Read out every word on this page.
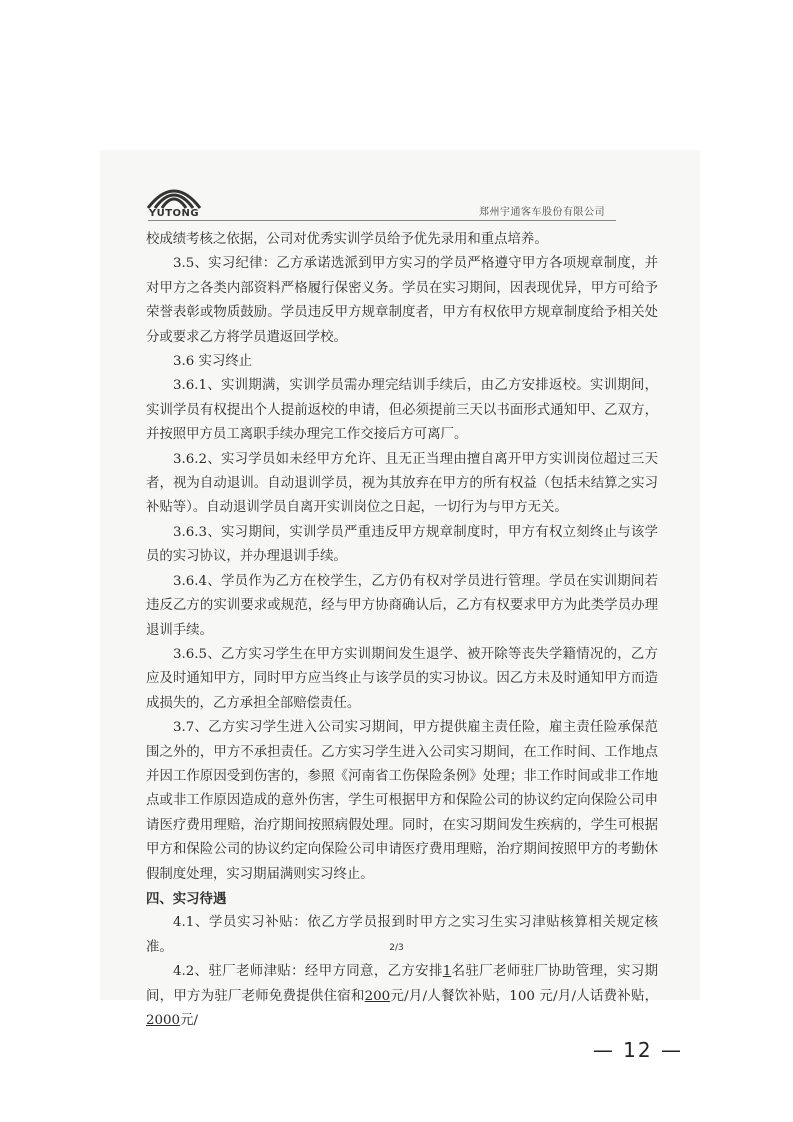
YUTONG	郑州宇通客车股份有限公司

校成绩考核之依据，公司对优秀实训学员给予优先录用和重点培养。

3.5、实习纪律：乙方承诺选派到甲方实习的学员严格遵守甲方各项规章制度，并对甲方之各类内部资料严格履行保密义务。学员在实习期间，因表现优异，甲方可给予荣誉表彰或物质鼓励。学员违反甲方规章制度者，甲方有权依甲方规章制度给予相关处分或要求乙方将学员遣返回学校。

3.6 实习终止

3.6.1、实训期满，实训学员需办理完结训手续后，由乙方安排返校。实训期间，实训学员有权提出个人提前返校的申请，但必须提前三天以书面形式通知甲、乙双方，并按照甲方员工离职手续办理完工作交接后方可离厂。

3.6.2、实习学员如未经甲方允许、且无正当理由擅自离开甲方实训岗位超过三天者，视为自动退训。自动退训学员，视为其放弃在甲方的所有权益（包括未结算之实习补贴等）。自动退训学员自离开实训岗位之日起，一切行为与甲方无关。

3.6.3、实习期间，实训学员严重违反甲方规章制度时，甲方有权立刻终止与该学员的实习协议，并办理退训手续。

3.6.4、学员作为乙方在校学生，乙方仍有权对学员进行管理。学员在实训期间若违反乙方的实训要求或规范，经与甲方协商确认后，乙方有权要求甲方为此类学员办理退训手续。

3.6.5、乙方实习学生在甲方实训期间发生退学、被开除等丧失学籍情况的，乙方应及时通知甲方，同时甲方应当终止与该学员的实习协议。因乙方未及时通知甲方而造成损失的，乙方承担全部赔偿责任。

3.7、乙方实习学生进入公司实习期间，甲方提供雇主责任险，雇主责任险承保范围之外的，甲方不承担责任。乙方实习学生进入公司实习期间，在工作时间、工作地点并因工作原因受到伤害的，参照《河南省工伤保险条例》处理；非工作时间或非工作地点或非工作原因造成的意外伤害，学生可根据甲方和保险公司的协议约定向保险公司申请医疗费用理赔，治疗期间按照病假处理。同时，在实习期间发生疾病的，学生可根据甲方和保险公司的协议约定向保险公司申请医疗费用理赔，治疗期间按照甲方的考勤休假制度处理，实习期届满则实习终止。

四、实习待遇

4.1、学员实习补贴：依乙方学员报到时甲方之实习生实习津贴核算相关规定核准。

4.2、驻厂老师津贴：经甲方同意，乙方安排1名驻厂老师驻厂协助管理，实习期间，甲方为驻厂老师免费提供住宿和200元/月/人餐饮补贴，100 元/月/人话费补贴，2000元/

2/3
— 12 —
